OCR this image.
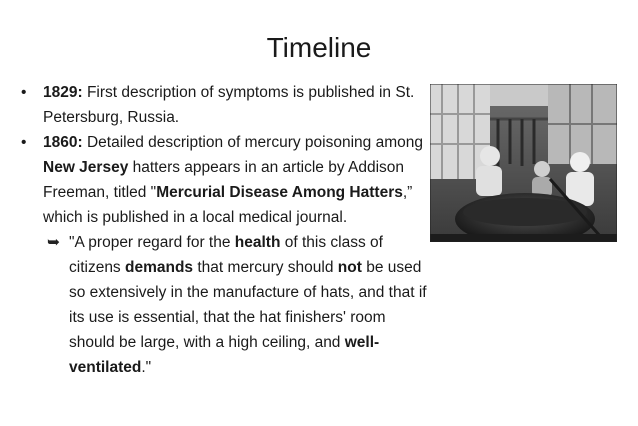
Timeline
• 1829: First description of symptoms is published in St. Petersburg, Russia.
• 1860: Detailed description of mercury poisoning among New Jersey hatters appears in an article by Addison Freeman, titled "Mercurial Disease Among Hatters,” which is published in a local medical journal.
➥ "A proper regard for the health of this class of citizens demands that mercury should not be used so extensively in the manufacture of hats, and that if its use is essential, that the hat finishers' room should be large, with a high ceiling, and well-ventilated."
